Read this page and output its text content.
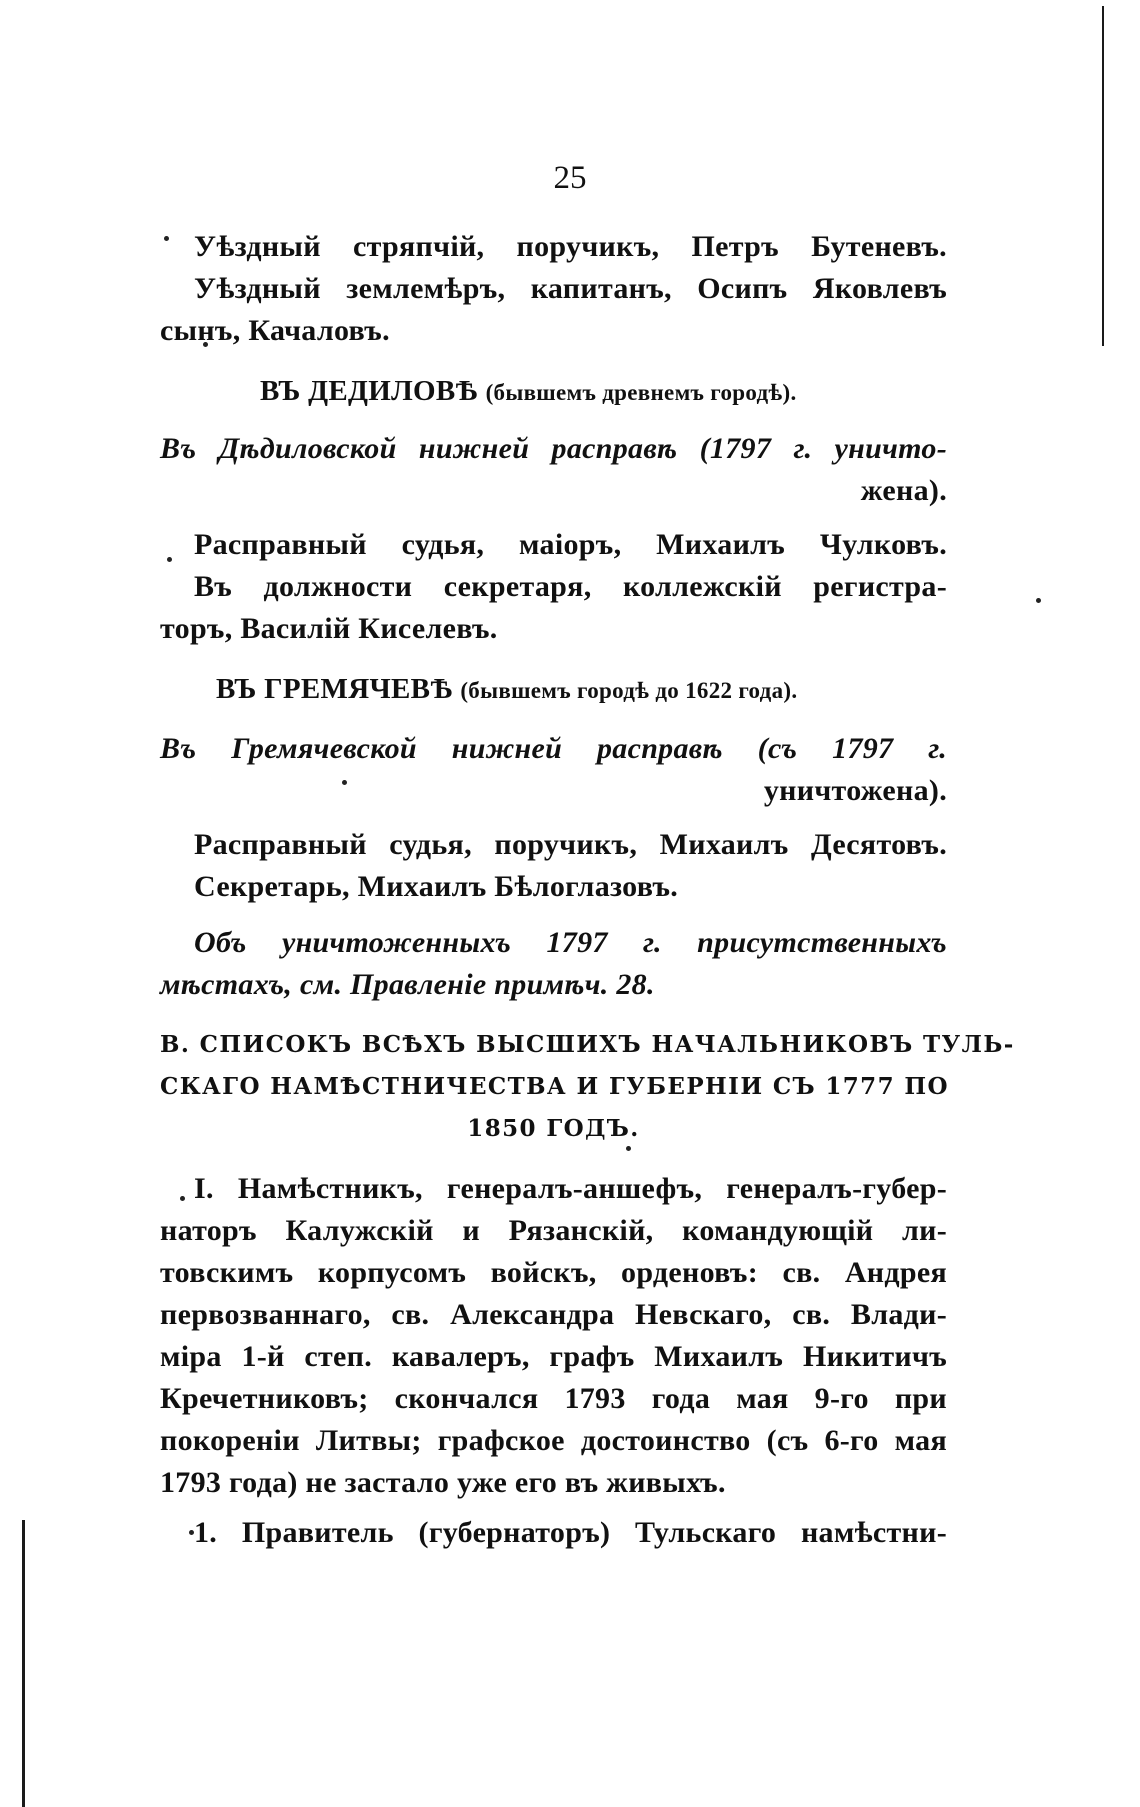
25
Уѣздный стряпчій, поручикъ, Петръ Бутеневъ.
Уѣздный землемѣръ, капитанъ, Осипъ Яковлевъ
сынъ, Качаловъ.
ВЪ ДЕДИЛОВѢ (бывшемъ древнемъ городѣ).
Въ Дѣдиловской нижней расправѣ (1797 г. уничто-
жена).
Расправный судья, маіоръ, Михаилъ Чулковъ.
Въ должности секретаря, коллежскій регистра-
торъ, Василій Киселевъ.
ВЪ ГРЕМЯЧЕВѢ (бывшемъ городѣ до 1622 года).
Въ Гремячевской нижней расправѣ (съ 1797 г.
уничтожена).
Расправный судья, поручикъ, Михаилъ Десятовъ.
Секретарь, Михаилъ Бѣлоглазовъ.
Объ уничтоженныхъ 1797 г. присутственныхъ
мѣстахъ, см. Правленіе примѣч. 28.
В. СПИСОКЪ ВСѢХЪ ВЫСШИХЪ НАЧАЛЬНИКОВЪ ТУЛЬ-
СКАГО НАМѢСТНИЧЕСТВА И ГУБЕРНІИ СЪ 1777 ПО
1850 ГОДЪ.
I. Намѣстникъ, генералъ-аншефъ, генералъ-губер-
наторъ Калужскій и Рязанскій, командующій ли-
товскимъ корпусомъ войскъ, орденовъ: св. Андрея
первозваннаго, св. Александра Невскаго, св. Влади-
міра 1-й степ. кавалеръ, графъ Михаилъ Никитичъ
Кречетниковъ; скончался 1793 года мая 9-го при
покореніи Литвы; графское достоинство (съ 6-го мая
1793 года) не застало уже его въ живыхъ.
1. Правитель (губернаторъ) Тульскаго намѣстни-
